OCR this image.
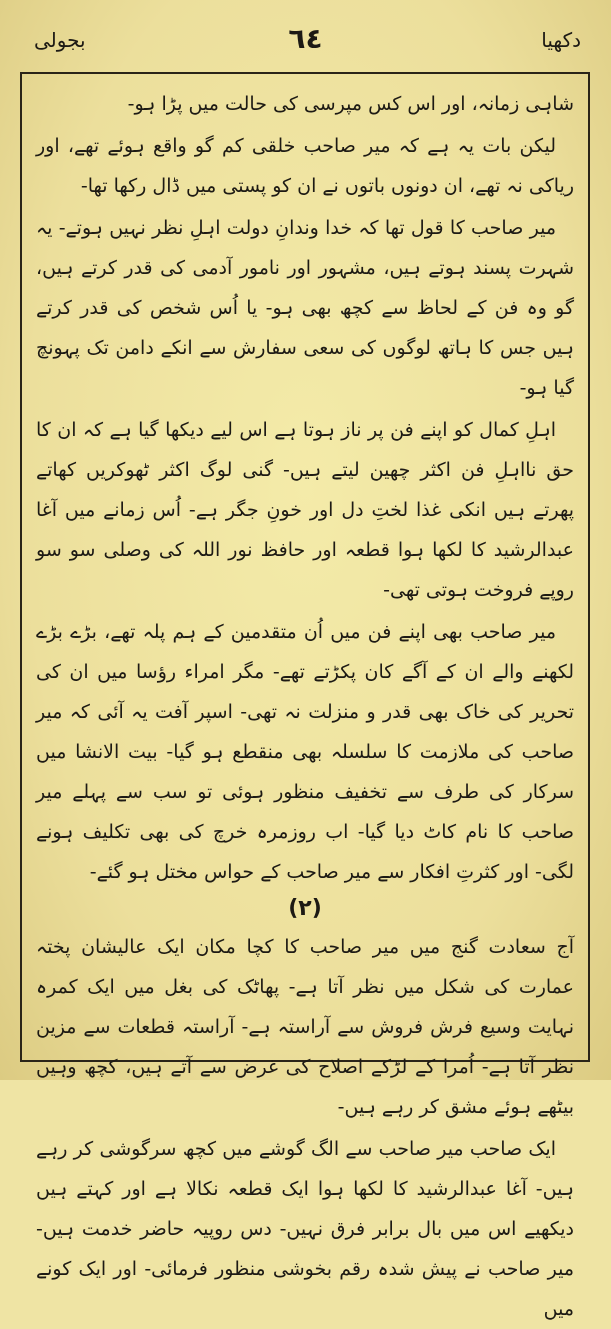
دکھیا
٦٤
بجولی

شاہی زمانہ، اور اس کس مپرسی کی حالت میں پڑا ہو-

لیکن بات یہ ہے کہ میر صاحب خلقی کم گو واقع ہوئے تھے، اور ریاکی نہ تھے، ان دونوں باتوں نے ان کو پستی میں ڈال رکھا تھا-

میر صاحب کا قول تھا کہ خدا وندانِ دولت اہلِ نظر نہیں ہوتے- یہ شہرت پسند ہوتے ہیں، مشہور اور نامور آدمی کی قدر کرتے ہیں، گو وہ فن کے لحاظ سے کچھ بھی ہو- یا اُس شخص کی قدر کرتے ہیں جس کا ہاتھ لوگوں کی سعی سفارش سے انکے دامن تک پہونچ گیا ہو-

اہلِ کمال کو اپنے فن پر ناز ہوتا ہے اس لیے دیکھا گیا ہے کہ ان کا حق نااہلِ فن اکثر چھین لیتے ہیں- گنی لوگ اکثر ٹھوکریں کھاتے پھرتے ہیں انکی غذا لختِ دل اور خونِ جگر ہے- اُس زمانے میں آغا عبدالرشید کا لکھا ہوا قطعہ اور حافظ نور اللہ کی وصلی سو سو روپے فروخت ہوتی تھی-

میر صاحب بھی اپنے فن میں اُن متقدمین کے ہم پلہ تھے، بڑے بڑے لکھنے والے ان کے آگے کان پکڑتے تھے- مگر امراء رؤسا میں ان کی تحریر کی خاک بھی قدر و منزلت نہ تھی- اسپر آفت یہ آئی کہ میر صاحب کی ملازمت کا سلسلہ بھی منقطع ہو گیا- بیت الانشا میں سرکار کی طرف سے تخفیف منظور ہوئی تو سب سے پہلے میر صاحب کا نام کاٹ دیا گیا- اب روزمرہ خرچ کی بھی تکلیف ہونے لگی- اور کثرتِ افکار سے میر صاحب کے حواس مختل ہو گئے-

(٢)

آج سعادت گنج میں میر صاحب کا کچا مکان ایک عالیشان پختہ عمارت کی شکل میں نظر آتا ہے- پھاٹک کی بغل میں ایک کمرہ نہایت وسیع فرش فروش سے آراستہ ہے- آراستہ قطعات سے مزین نظر آتا ہے- اُمرا کے لڑکے اصلاح کی غرض سے آتے ہیں، کچھ وہیں بیٹھے ہوئے مشق کر رہے ہیں-

ایک صاحب میر صاحب سے الگ گوشے میں کچھ سرگوشی کر رہے ہیں- آغا عبدالرشید کا لکھا ہوا ایک قطعہ نکالا ہے اور کہتے ہیں دیکھیے اس میں بال برابر فرق نہیں- دس روپیہ حاضر خدمت ہیں- میر صاحب نے پیش شدہ رقم بخوشی منظور فرمائی- اور ایک کونے میں
